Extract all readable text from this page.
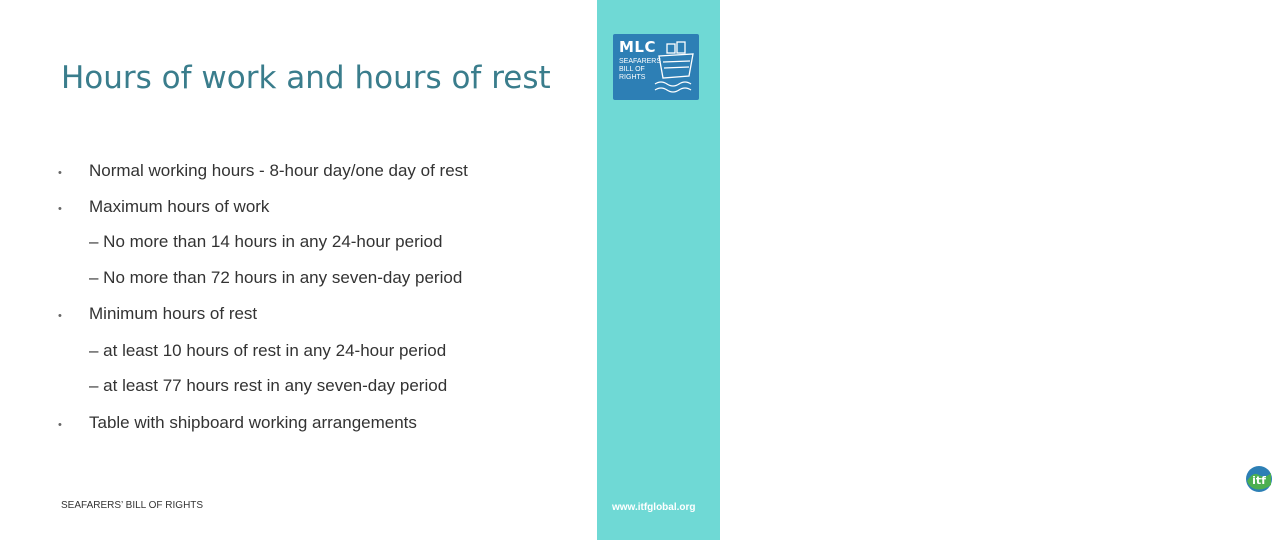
MLC
SEAFARERS BILL OF RIGHTS
itf
Hours of work and hours of rest
• Normal working hours - 8-hour day/one day of rest
• Maximum hours of work
– No more than 14 hours in any 24-hour period
– No more than 72 hours in any seven-day period
• Minimum hours of rest
– at least 10 hours of rest in any 24-hour period
– at least 77 hours rest in any seven-day period
• Table with shipboard working arrangements
SEAFARERS’ BILL OF RIGHTS	www.itfglobal.org
